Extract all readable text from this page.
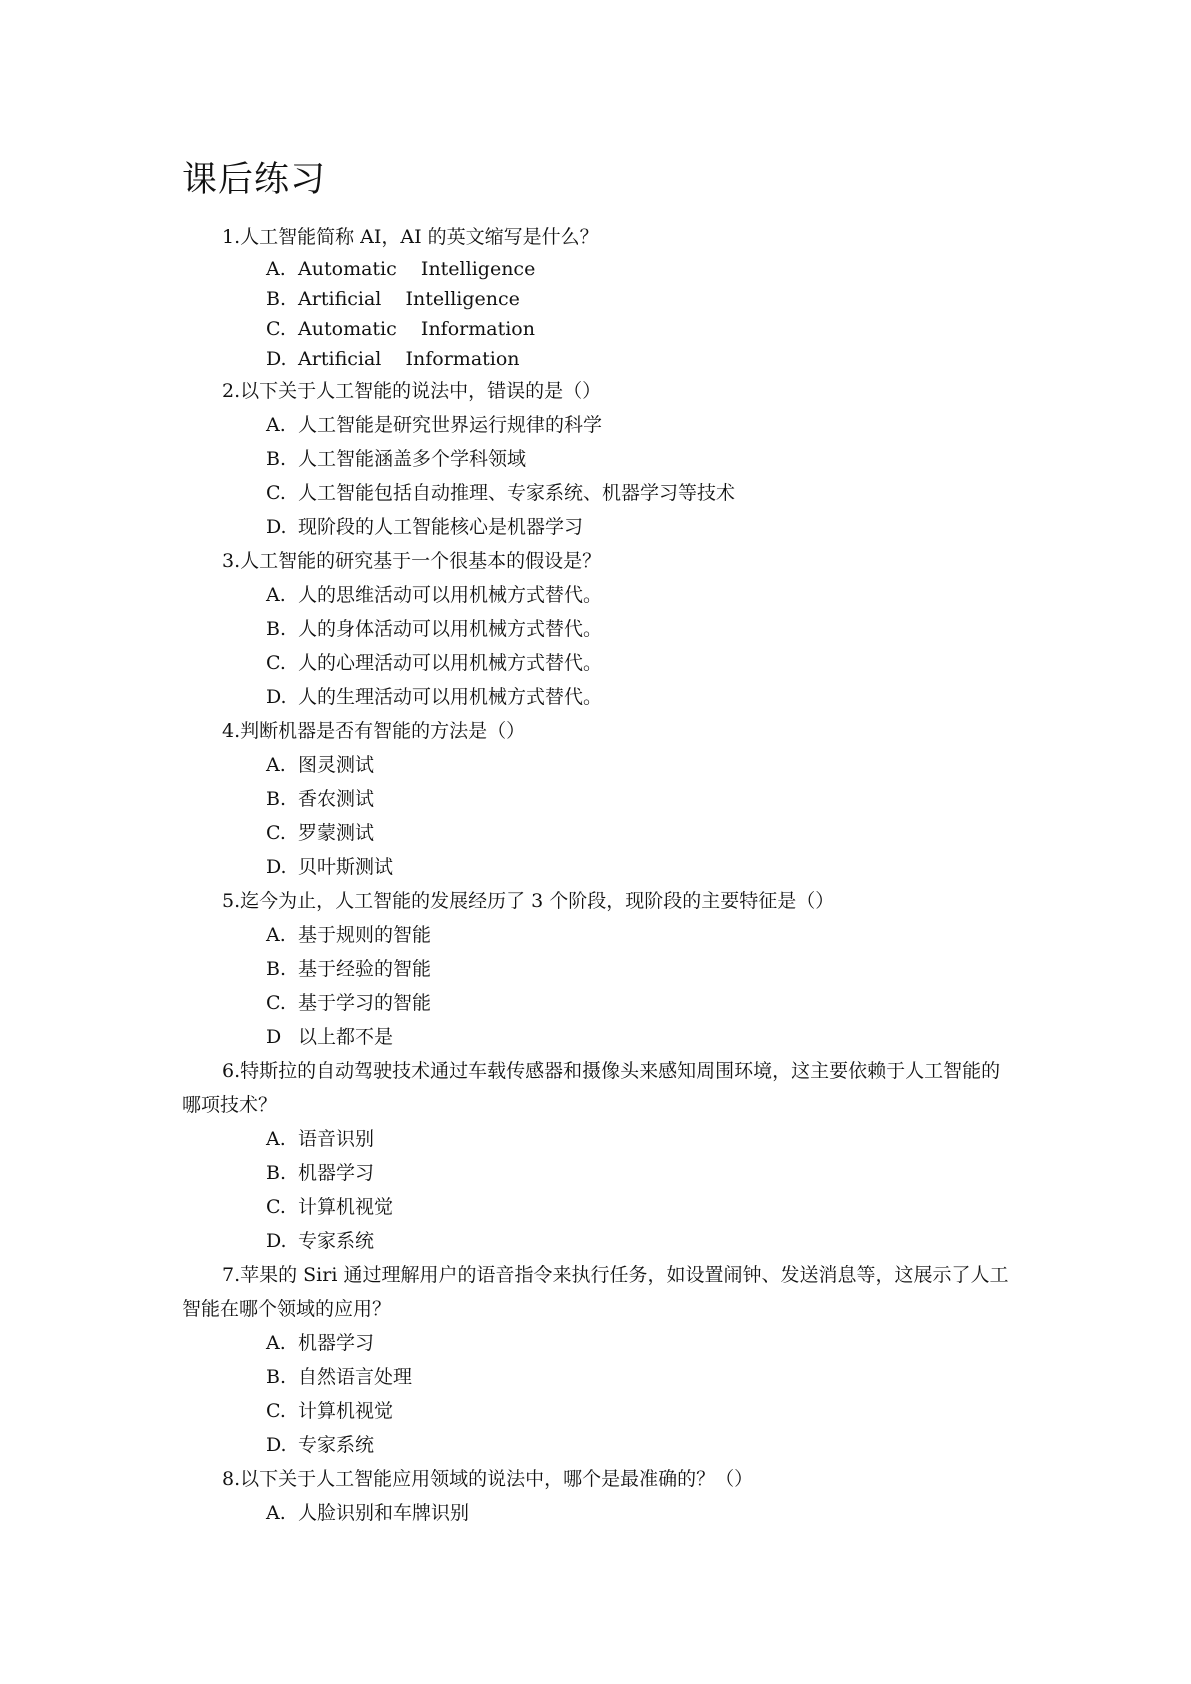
课后练习
1.人工智能简称 AI，AI 的英文缩写是什么？
A. Automatic    Intelligence
B. Artificial    Intelligence
C. Automatic    Information
D. Artificial    Information
2.以下关于人工智能的说法中，错误的是（）
A. 人工智能是研究世界运行规律的科学
B. 人工智能涵盖多个学科领域
C. 人工智能包括自动推理、专家系统、机器学习等技术
D. 现阶段的人工智能核心是机器学习
3.人工智能的研究基于一个很基本的假设是？
A. 人的思维活动可以用机械方式替代。
B. 人的身体活动可以用机械方式替代。
C. 人的心理活动可以用机械方式替代。
D. 人的生理活动可以用机械方式替代。
4.判断机器是否有智能的方法是（）
A. 图灵测试
B. 香农测试
C. 罗蒙测试
D. 贝叶斯测试
5.迄今为止，人工智能的发展经历了 3 个阶段，现阶段的主要特征是（）
A. 基于规则的智能
B. 基于经验的智能
C. 基于学习的智能
D 以上都不是
6.特斯拉的自动驾驶技术通过车载传感器和摄像头来感知周围环境，这主要依赖于人工智能的哪项技术？
A. 语音识别
B. 机器学习
C. 计算机视觉
D. 专家系统
7.苹果的 Siri 通过理解用户的语音指令来执行任务，如设置闹钟、发送消息等，这展示了人工智能在哪个领域的应用？
A. 机器学习
B. 自然语言处理
C. 计算机视觉
D. 专家系统
8.以下关于人工智能应用领域的说法中，哪个是最准确的？（）
A. 人脸识别和车牌识别
